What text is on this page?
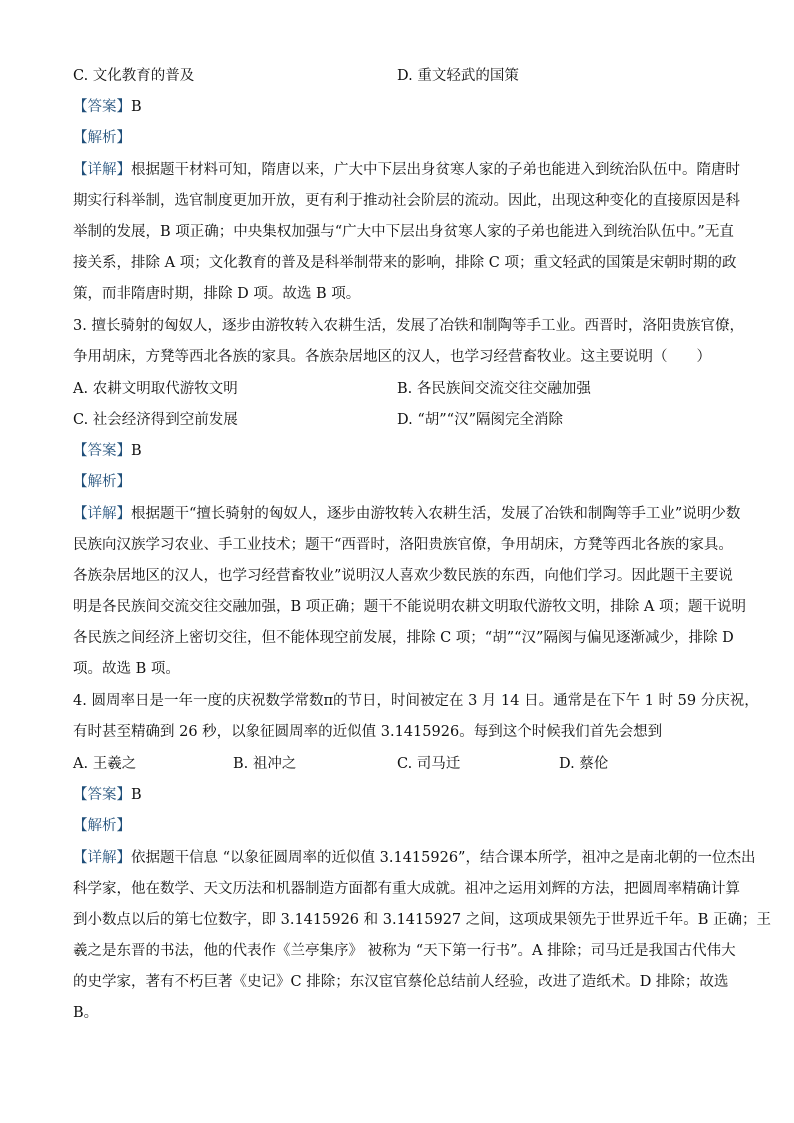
C. 文化教育的普及	D. 重文轻武的国策
【答案】B
【解析】
【详解】根据题干材料可知，隋唐以来，广大中下层出身贫寒人家的子弟也能进入到统治队伍中。隋唐时
期实行科举制，选官制度更加开放，更有利于推动社会阶层的流动。因此，出现这种变化的直接原因是科
举制的发展，B 项正确；中央集权加强与“广大中下层出身贫寒人家的子弟也能进入到统治队伍中。”无直
接关系，排除 A 项；文化教育的普及是科举制带来的影响，排除 C 项；重文轻武的国策是宋朝时期的政
策，而非隋唐时期，排除 D 项。故选 B 项。
3. 擅长骑射的匈奴人，逐步由游牧转入农耕生活，发展了冶铁和制陶等手工业。西晋时，洛阳贵族官僚，
争用胡床，方凳等西北各族的家具。各族杂居地区的汉人，也学习经营畜牧业。这主要说明（　　）
A. 农耕文明取代游牧文明	B. 各民族间交流交往交融加强
C. 社会经济得到空前发展	D. “胡”“汉”隔阂完全消除
【答案】B
【解析】
【详解】根据题干“擅长骑射的匈奴人，逐步由游牧转入农耕生活，发展了冶铁和制陶等手工业”说明少数
民族向汉族学习农业、手工业技术；题干“西晋时，洛阳贵族官僚，争用胡床，方凳等西北各族的家具。
各族杂居地区的汉人，也学习经营畜牧业”说明汉人喜欢少数民族的东西，向他们学习。因此题干主要说
明是各民族间交流交往交融加强，B 项正确；题干不能说明农耕文明取代游牧文明，排除 A 项；题干说明
各民族之间经济上密切交往，但不能体现空前发展，排除 C 项；“胡”“汉”隔阂与偏见逐渐减少，排除 D
项。故选 B 项。
4. 圆周率日是一年一度的庆祝数学常数π的节日，时间被定在 3 月 14 日。通常是在下午 1 时 59 分庆祝，
有时甚至精确到 26 秒，以象征圆周率的近似值 3.1415926。每到这个时候我们首先会想到
A. 王羲之	B. 祖冲之	C. 司马迁	D. 蔡伦
【答案】B
【解析】
【详解】依据题干信息 “以象征圆周率的近似值 3.1415926”，结合课本所学，祖冲之是南北朝的一位杰出
科学家，他在数学、天文历法和机器制造方面都有重大成就。祖冲之运用刘辉的方法，把圆周率精确计算
到小数点以后的第七位数字，即 3.1415926 和 3.1415927 之间，这项成果领先于世界近千年。B 正确；王
羲之是东晋的书法，他的代表作《兰亭集序》 被称为 “天下第一行书”。A 排除；司马迁是我国古代伟大
的史学家，著有不朽巨著《史记》C 排除；东汉宦官蔡伦总结前人经验，改进了造纸术。D 排除；故选
B。
